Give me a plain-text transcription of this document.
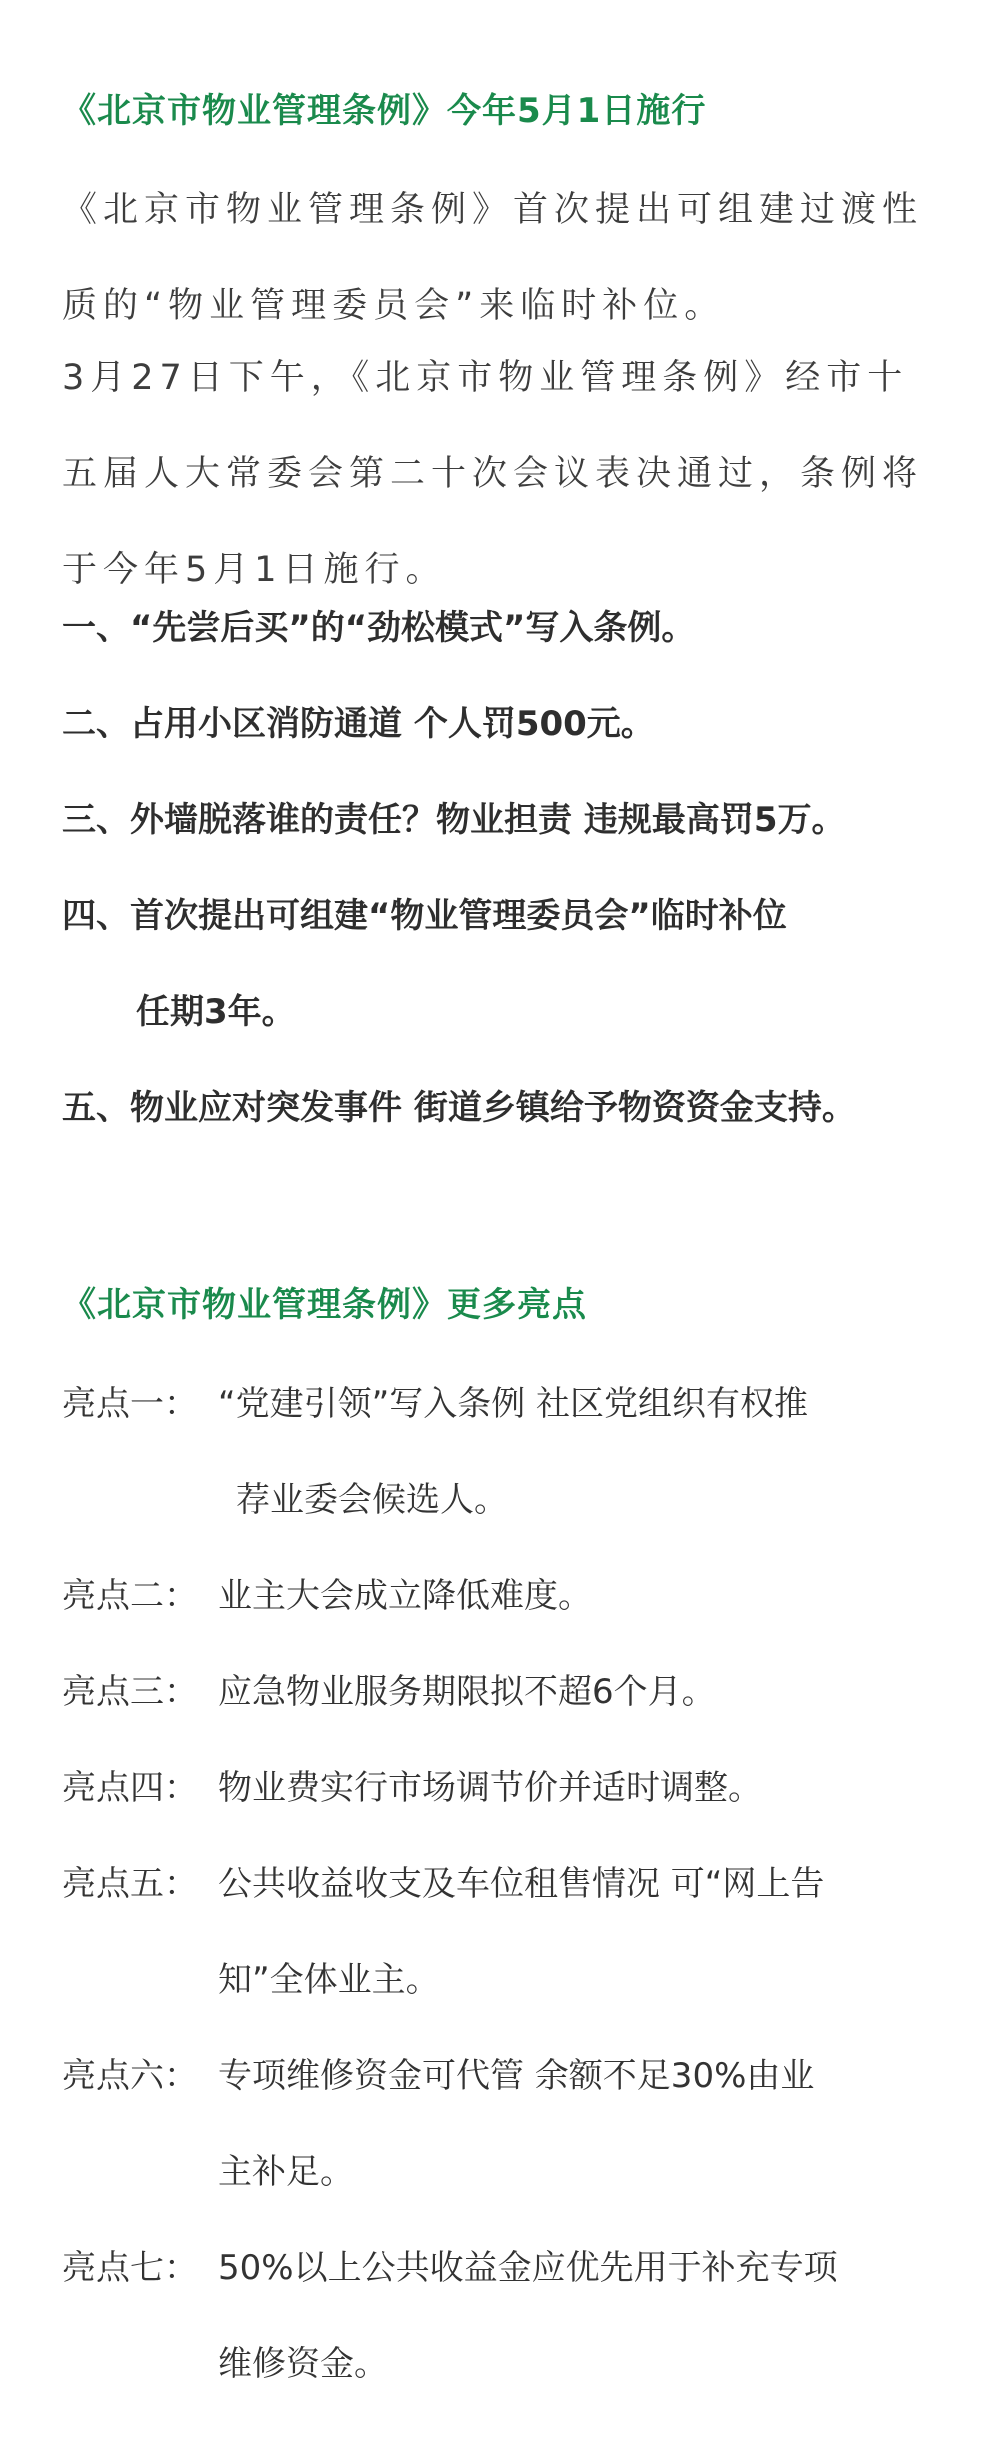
《北京市物业管理条例》今年5月1日施行
《北京市物业管理条例》首次提出可组建过渡性质的“物业管理委员会”来临时补位。
3月27日下午，《北京市物业管理条例》经市十五届人大常委会第二十次会议表决通过，条例将于今年5月1日施行。
一、“先尝后买”的“劲松模式”写入条例。
二、占用小区消防通道 个人罚500元。
三、外墙脱落谁的责任？物业担责 违规最高罚5万。
四、首次提出可组建“物业管理委员会”临时补位
任期3年。
五、物业应对突发事件 街道乡镇给予物资资金支持。
《北京市物业管理条例》更多亮点
亮点一： “党建引领”写入条例 社区党组织有权推
荐业委会候选人。
亮点二： 业主大会成立降低难度。
亮点三： 应急物业服务期限拟不超6个月。
亮点四： 物业费实行市场调节价并适时调整。
亮点五： 公共收益收支及车位租售情况 可“网上告
知”全体业主。
亮点六： 专项维修资金可代管 余额不足30%由业
主补足。
亮点七： 50%以上公共收益金应优先用于补充专项
维修资金。
